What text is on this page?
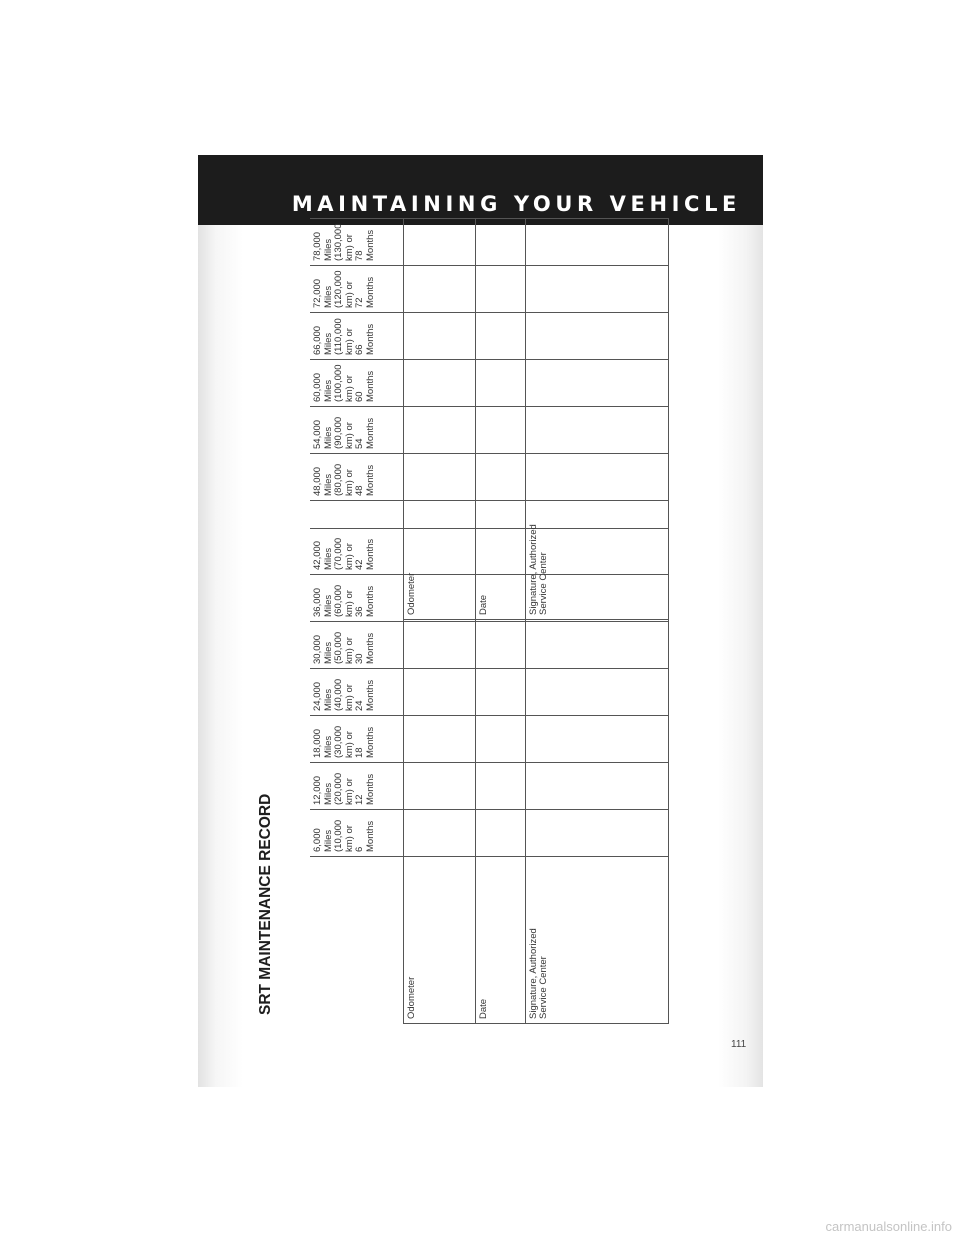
MAINTAINING YOUR VEHICLE
SRT MAINTENANCE RECORD

	6,000 Miles
(10,000 km) or
6 Months	12,000 Miles
(20,000 km) or
12 Months	18,000 Miles
(30,000 km) or
18 Months	24,000 Miles
(40,000 km) or
24 Months	30,000 Miles
(50,000 km) or
30 Months	36,000 Miles
(60,000 km) or
36 Months	42,000 Miles
(70,000 km) or
42 Months

Odometer							

Date							

Signature, Authorized
Service Center							

	48,000 Miles
(80,000 km) or
48 Months	54,000 Miles
(90,000 km) or
54 Months	60,000 Miles
(100,000 km) or
60 Months	66,000 Miles
(110,000 km) or
66 Months	72,000 Miles
(120,000 km) or
72 Months	78,000 Miles
(130,000 km) or
78 Months

Odometer						

Date						

Signature, Authorized
Service Center						

111
carmanualsonline.info
